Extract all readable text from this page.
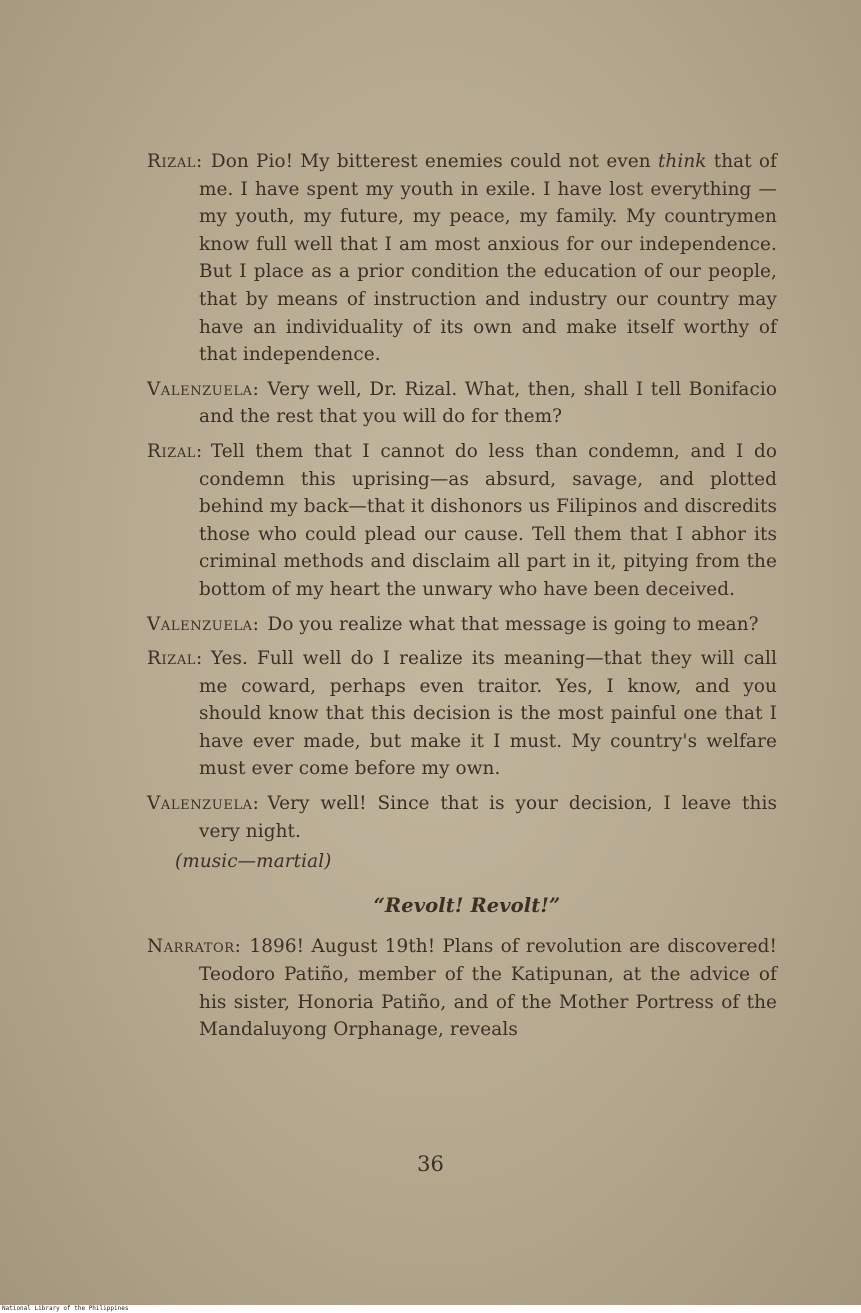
Rizal: Don Pio! My bitterest enemies could not even think that of me. I have spent my youth in exile. I have lost everything — my youth, my future, my peace, my family. My countrymen know full well that I am most anxious for our independence. But I place as a prior condition the education of our people, that by means of instruction and industry our country may have an individuality of its own and make itself worthy of that independence.

Valenzuela: Very well, Dr. Rizal. What, then, shall I tell Bonifacio and the rest that you will do for them?

Rizal: Tell them that I cannot do less than condemn, and I do condemn this uprising—as absurd, savage, and plotted behind my back—that it dishonors us Filipinos and discredits those who could plead our cause. Tell them that I abhor its criminal methods and disclaim all part in it, pitying from the bottom of my heart the unwary who have been deceived.

Valenzuela: Do you realize what that message is going to mean?

Rizal: Yes. Full well do I realize its meaning—that they will call me coward, perhaps even traitor. Yes, I know, and you should know that this decision is the most painful one that I have ever made, but make it I must. My country's welfare must ever come before my own.

Valenzuela: Very well! Since that is your decision, I leave this very night.

(music—martial)

“Revolt! Revolt!”

Narrator: 1896! August 19th! Plans of revolution are discovered! Teodoro Patiño, member of the Katipunan, at the advice of his sister, Honoria Patiño, and of the Mother Portress of the Mandaluyong Orphanage, reveals

36
National Library of the Philippines
